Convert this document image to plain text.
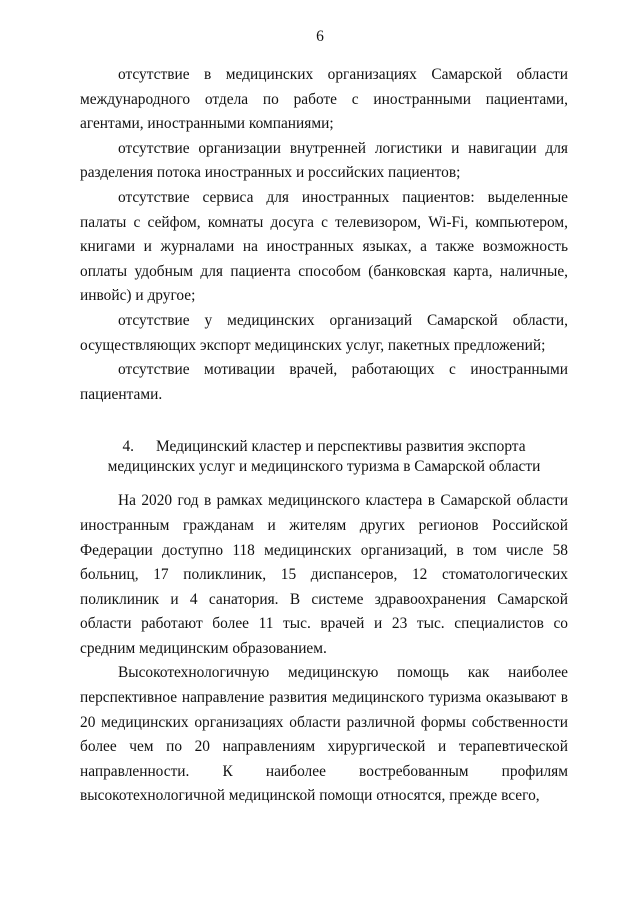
6

отсутствие в медицинских организациях Самарской области международного отдела по работе с иностранными пациентами, агентами, иностранными компаниями;

отсутствие организации внутренней логистики и навигации для разделения потока иностранных и российских пациентов;

отсутствие сервиса для иностранных пациентов: выделенные палаты с сейфом, комнаты досуга с телевизором, Wi-Fi, компьютером, книгами и журналами на иностранных языках, а также возможность оплаты удобным для пациента способом (банковская карта, наличные, инвойс) и другое;

отсутствие у медицинских организаций Самарской области, осуществляющих экспорт медицинских услуг, пакетных предложений;

отсутствие мотивации врачей, работающих с иностранными пациентами.

4. Медицинский кластер и перспективы развития экспорта
медицинских услуг и медицинского туризма в Самарской области

На 2020 год в рамках медицинского кластера в Самарской области иностранным гражданам и жителям других регионов Российской Федерации доступно 118 медицинских организаций, в том числе 58 больниц, 17 поликлиник, 15 диспансеров, 12 стоматологических поликлиник и 4 санатория. В системе здравоохранения Самарской области работают более 11 тыс. врачей и 23 тыс. специалистов со средним медицинским образованием.

Высокотехнологичную медицинскую помощь как наиболее перспективное направление развития медицинского туризма оказывают в 20 медицинских организациях области различной формы собственности более чем по 20 направлениям хирургической и терапевтической направленности. К наиболее востребованным профилям высокотехнологичной медицинской помощи относятся, прежде всего,
